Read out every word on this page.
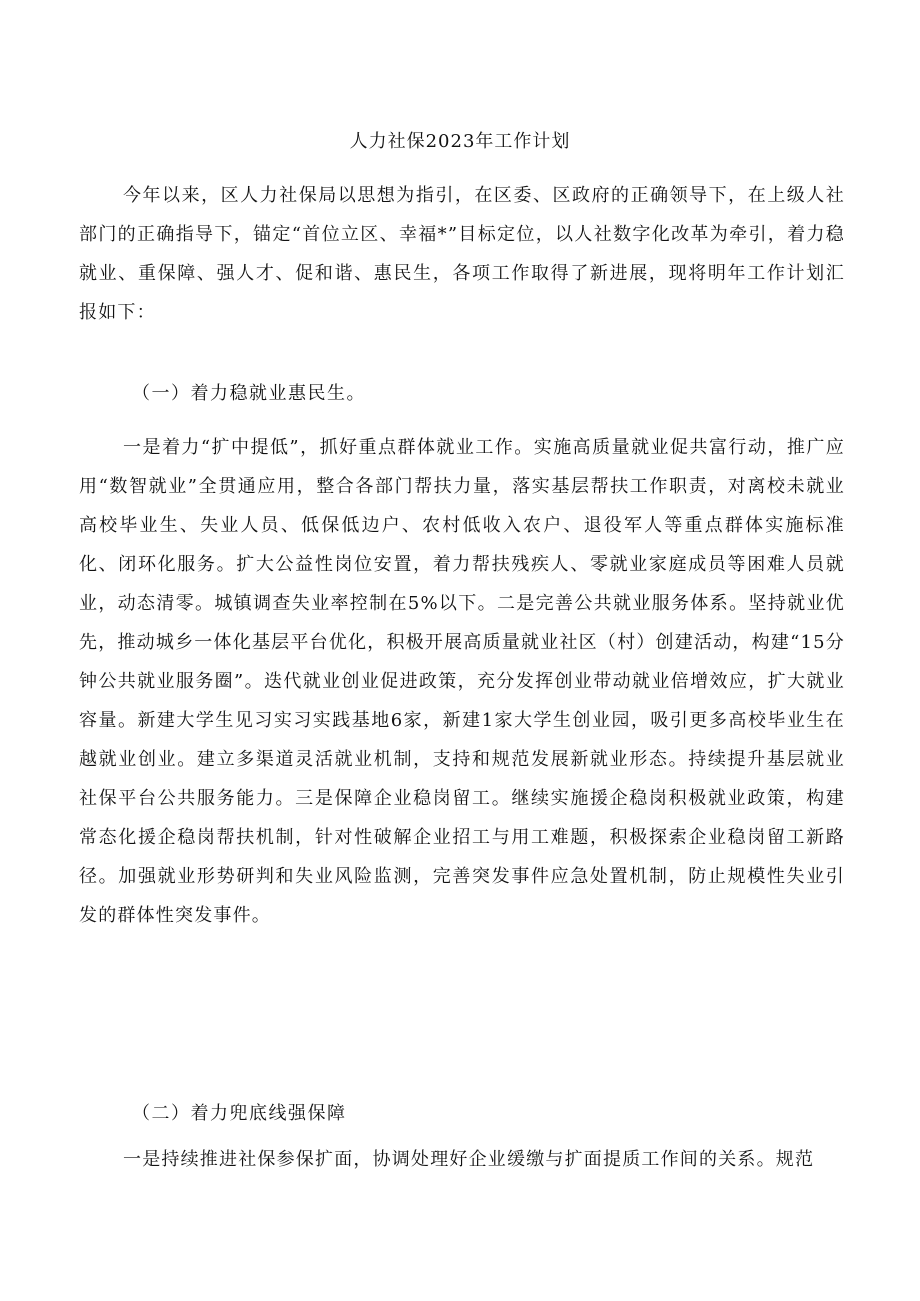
人力社保2023年工作计划

今年以来，区人力社保局以思想为指引，在区委、区政府的正确领导下，在上级人社部门的正确指导下，锚定“首位立区、幸福*”目标定位，以人社数字化改革为牵引，着力稳就业、重保障、强人才、促和谐、惠民生，各项工作取得了新进展，现将明年工作计划汇报如下：

（一）着力稳就业惠民生。

一是着力“扩中提低”，抓好重点群体就业工作。实施高质量就业促共富行动，推广应用“数智就业”全贯通应用，整合各部门帮扶力量，落实基层帮扶工作职责，对离校未就业高校毕业生、失业人员、低保低边户、农村低收入农户、退役军人等重点群体实施标准化、闭环化服务。扩大公益性岗位安置，着力帮扶残疾人、零就业家庭成员等困难人员就业，动态清零。城镇调查失业率控制在5%以下。二是完善公共就业服务体系。坚持就业优先，推动城乡一体化基层平台优化，积极开展高质量就业社区（村）创建活动，构建“15分钟公共就业服务圈”。迭代就业创业促进政策，充分发挥创业带动就业倍增效应，扩大就业容量。新建大学生见习实习实践基地6家，新建1家大学生创业园，吸引更多高校毕业生在越就业创业。建立多渠道灵活就业机制，支持和规范发展新就业形态。持续提升基层就业社保平台公共服务能力。三是保障企业稳岗留工。继续实施援企稳岗积极就业政策，构建常态化援企稳岗帮扶机制，针对性破解企业招工与用工难题，积极探索企业稳岗留工新路径。加强就业形势研判和失业风险监测，完善突发事件应急处置机制，防止规模性失业引发的群体性突发事件。

（二）着力兜底线强保障

一是持续推进社保参保扩面，协调处理好企业缓缴与扩面提质工作间的关系。规范
